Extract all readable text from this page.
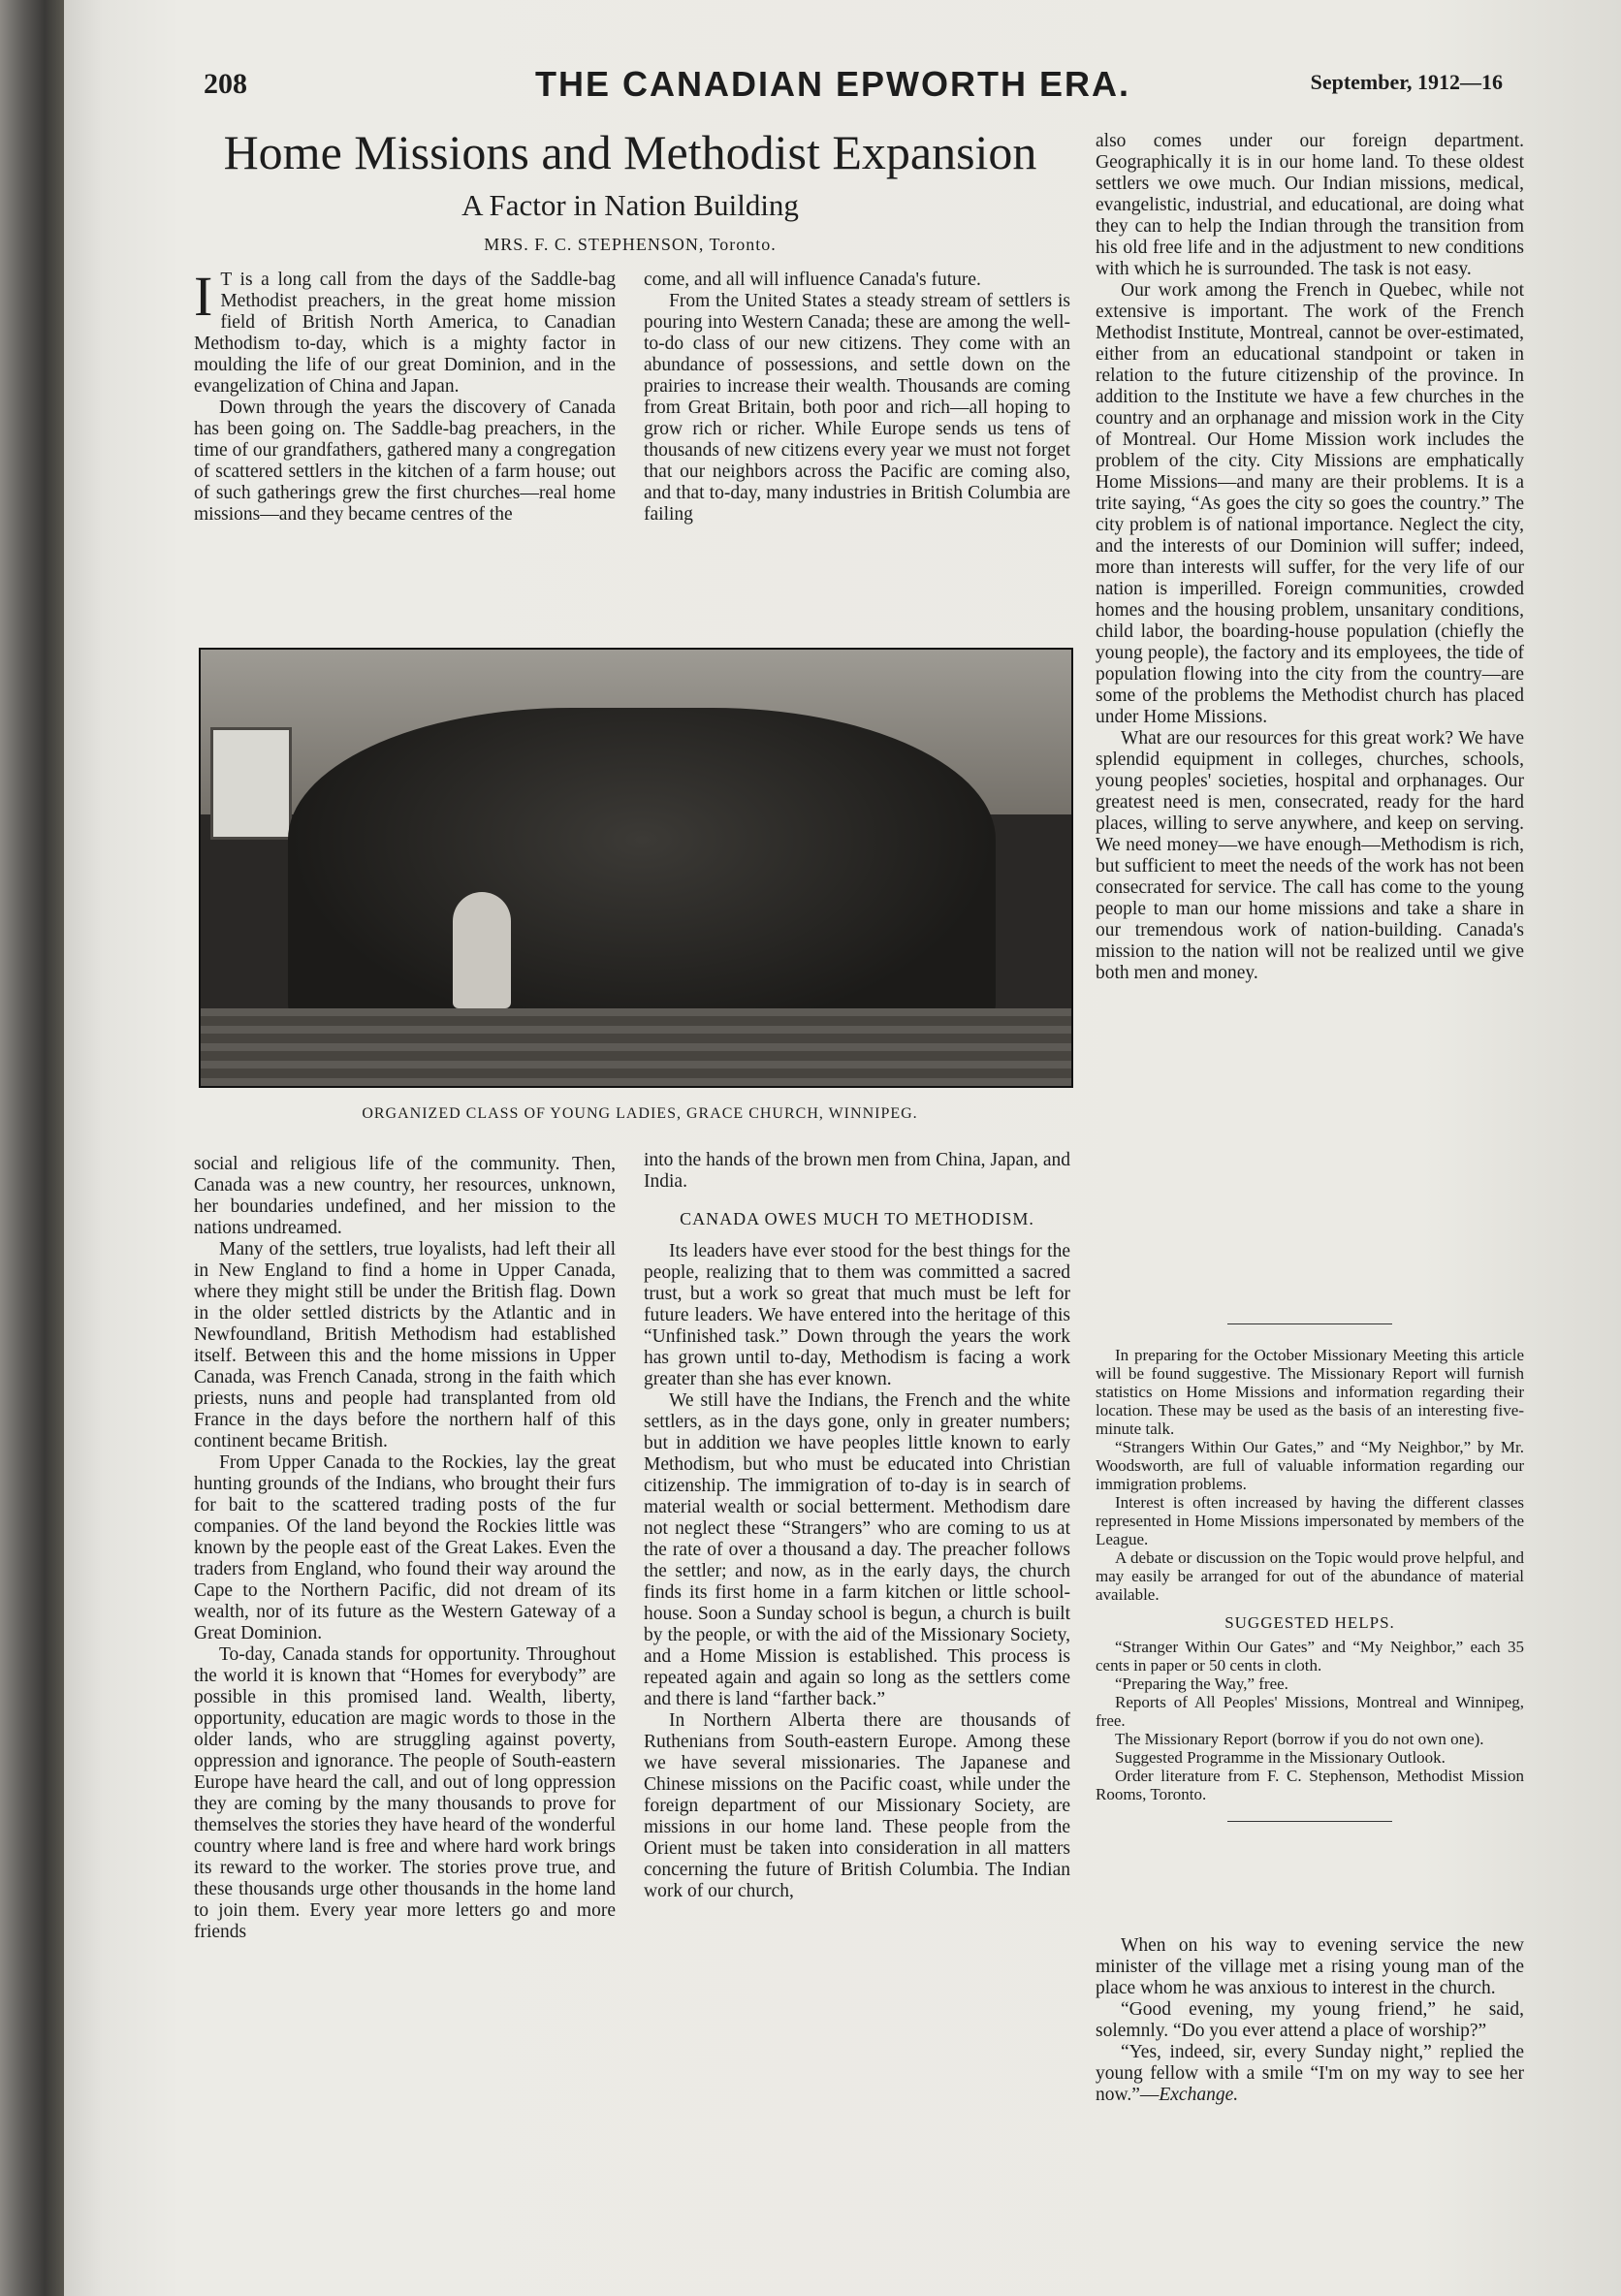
208	THE CANADIAN EPWORTH ERA.	September, 1912—16
Home Missions and Methodist Expansion
A Factor in Nation Building
MRS. F. C. STEPHENSON, Toronto.
I T is a long call from the days of the Saddle-bag Methodist preachers, in the great home mission field of British North America, to Canadian Methodism to-day, which is a mighty factor in moulding the life of our great Dominion, and in the evangelization of China and Japan.

Down through the years the discovery of Canada has been going on. The Saddle-bag preachers, in the time of our grandfathers, gathered many a congregation of scattered settlers in the kitchen of a farm house; out of such gatherings grew the first churches—real home missions—and they became centres of the

come, and all will influence Canada's future.

From the United States a steady stream of settlers is pouring into Western Canada; these are among the well-to-do class of our new citizens. They come with an abundance of possessions, and settle down on the prairies to increase their wealth. Thousands are coming from Great Britain, both poor and rich—all hoping to grow rich or richer. While Europe sends us tens of thousands of new citizens every year we must not forget that our neighbors across the Pacific are coming also, and that to-day, many industries in British Columbia are failing

ORGANIZED CLASS OF YOUNG LADIES, GRACE CHURCH, WINNIPEG.

social and religious life of the community. Then, Canada was a new country, her resources, unknown, her boundaries undefined, and her mission to the nations undreamed.

Many of the settlers, true loyalists, had left their all in New England to find a home in Upper Canada, where they might still be under the British flag. Down in the older settled districts by the Atlantic and in Newfoundland, British Methodism had established itself. Between this and the home missions in Upper Canada, was French Canada, strong in the faith which priests, nuns and people had transplanted from old France in the days before the northern half of this continent became British.

From Upper Canada to the Rockies, lay the great hunting grounds of the Indians, who brought their furs for bait to the scattered trading posts of the fur companies. Of the land beyond the Rockies little was known by the people east of the Great Lakes. Even the traders from England, who found their way around the Cape to the Northern Pacific, did not dream of its wealth, nor of its future as the Western Gateway of a Great Dominion.

To-day, Canada stands for opportunity. Throughout the world it is known that “Homes for everybody” are possible in this promised land. Wealth, liberty, opportunity, education are magic words to those in the older lands, who are struggling against poverty, oppression and ignorance. The people of South-eastern Europe have heard the call, and out of long oppression they are coming by the many thousands to prove for themselves the stories they have heard of the wonderful country where land is free and where hard work brings its reward to the worker. The stories prove true, and these thousands urge other thousands in the home land to join them. Every year more letters go and more friends

into the hands of the brown men from China, Japan, and India.

CANADA OWES MUCH TO METHODISM.

Its leaders have ever stood for the best things for the people, realizing that to them was committed a sacred trust, but a work so great that much must be left for future leaders. We have entered into the heritage of this “Unfinished task.” Down through the years the work has grown until to-day, Methodism is facing a work greater than she has ever known.

We still have the Indians, the French and the white settlers, as in the days gone, only in greater numbers; but in addition we have peoples little known to early Methodism, but who must be educated into Christian citizenship. The immigration of to-day is in search of material wealth or social betterment. Methodism dare not neglect these “Strangers” who are coming to us at the rate of over a thousand a day. The preacher follows the settler; and now, as in the early days, the church finds its first home in a farm kitchen or little school-house. Soon a Sunday school is begun, a church is built by the people, or with the aid of the Missionary Society, and a Home Mission is established. This process is repeated again and again so long as the settlers come and there is land “farther back.”

In Northern Alberta there are thousands of Ruthenians from South-eastern Europe. Among these we have several missionaries. The Japanese and Chinese missions on the Pacific coast, while under the foreign department of our Missionary Society, are missions in our home land. These people from the Orient must be taken into consideration in all matters concerning the future of British Columbia. The Indian work of our church,

also comes under our foreign department. Geographically it is in our home land. To these oldest settlers we owe much. Our Indian missions, medical, evangelistic, industrial, and educational, are doing what they can to help the Indian through the transition from his old free life and in the adjustment to new conditions with which he is surrounded. The task is not easy.

Our work among the French in Quebec, while not extensive is important. The work of the French Methodist Institute, Montreal, cannot be over-estimated, either from an educational standpoint or taken in relation to the future citizenship of the province. In addition to the Institute we have a few churches in the country and an orphanage and mission work in the City of Montreal. Our Home Mission work includes the problem of the city. City Missions are emphatically Home Missions—and many are their problems. It is a trite saying, “As goes the city so goes the country.” The city problem is of national importance. Neglect the city, and the interests of our Dominion will suffer; indeed, more than interests will suffer, for the very life of our nation is imperilled. Foreign communities, crowded homes and the housing problem, unsanitary conditions, child labor, the boarding-house population (chiefly the young people), the factory and its employees, the tide of population flowing into the city from the country—are some of the problems the Methodist church has placed under Home Missions.

What are our resources for this great work? We have splendid equipment in colleges, churches, schools, young peoples' societies, hospital and orphanages. Our greatest need is men, consecrated, ready for the hard places, willing to serve anywhere, and keep on serving. We need money—we have enough—Methodism is rich, but sufficient to meet the needs of the work has not been consecrated for service. The call has come to the young people to man our home missions and take a share in our tremendous work of nation-building. Canada's mission to the nation will not be realized until we give both men and money.

In preparing for the October Missionary Meeting this article will be found suggestive. The Missionary Report will furnish statistics on Home Missions and information regarding their location. These may be used as the basis of an interesting five-minute talk.

“Strangers Within Our Gates,” and “My Neighbor,” by Mr. Woodsworth, are full of valuable information regarding our immigration problems.

Interest is often increased by having the different classes represented in Home Missions impersonated by members of the League.

A debate or discussion on the Topic would prove helpful, and may easily be arranged for out of the abundance of material available.

SUGGESTED HELPS.

“Stranger Within Our Gates” and “My Neighbor,” each 35 cents in paper or 50 cents in cloth.

“Preparing the Way,” free.

Reports of All Peoples' Missions, Montreal and Winnipeg, free.

The Missionary Report (borrow if you do not own one).

Suggested Programme in the Missionary Outlook.

Order literature from F. C. Stephenson, Methodist Mission Rooms, Toronto.

When on his way to evening service the new minister of the village met a rising young man of the place whom he was anxious to interest in the church.

“Good evening, my young friend,” he said, solemnly. “Do you ever attend a place of worship?”

“Yes, indeed, sir, every Sunday night,” replied the young fellow with a smile “I'm on my way to see her now.”—Exchange.
